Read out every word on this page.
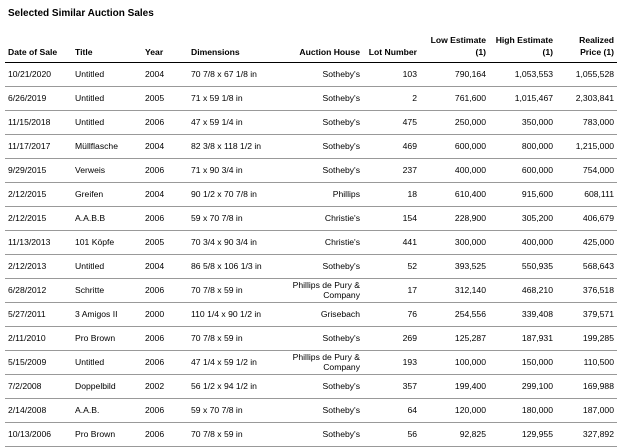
Selected Similar Auction Sales
Date of Sale	Title	Year	Dimensions	Auction House	Lot Number	Low Estimate (1)	High Estimate (1)	Realized Price (1)
10/21/2020	Untitled	2004	70 7/8 x 67 1/8 in	Sotheby's	103	790,164	1,053,553	1,055,528
6/26/2019	Untitled	2005	71 x 59 1/8 in	Sotheby's	2	761,600	1,015,467	2,303,841
11/15/2018	Untitled	2006	47 x 59 1/4 in	Sotheby's	475	250,000	350,000	783,000
11/17/2017	Müllflasche	2004	82 3/8 x 118 1/2 in	Sotheby's	469	600,000	800,000	1,215,000
9/29/2015	Verweis	2006	71 x 90 3/4 in	Sotheby's	237	400,000	600,000	754,000
2/12/2015	Greifen	2004	90 1/2 x 70 7/8 in	Phillips	18	610,400	915,600	608,111
2/12/2015	A.A.B.B	2006	59 x 70 7/8 in	Christie's	154	228,900	305,200	406,679
11/13/2013	101 Köpfe	2005	70 3/4 x 90 3/4 in	Christie's	441	300,000	400,000	425,000
2/12/2013	Untitled	2004	86 5/8 x 106 1/3 in	Sotheby's	52	393,525	550,935	568,643
6/28/2012	Schritte	2006	70 7/8 x 59 in	Phillips de Pury & Company	17	312,140	468,210	376,518
5/27/2011	3 Amigos II	2000	110 1/4 x 90 1/2 in	Grisebach	76	254,556	339,408	379,571
2/11/2010	Pro Brown	2006	70 7/8 x 59 in	Sotheby's	269	125,287	187,931	199,285
5/15/2009	Untitled	2006	47 1/4 x 59 1/2 in	Phillips de Pury & Company	193	100,000	150,000	110,500
7/2/2008	Doppelbild	2002	56 1/2 x 94 1/2 in	Sotheby's	357	199,400	299,100	169,988
2/14/2008	A.A.B.	2006	59 x 70 7/8 in	Sotheby's	64	120,000	180,000	187,000
10/13/2006	Pro Brown	2006	70 7/8 x 59 in	Sotheby's	56	92,825	129,955	327,892
